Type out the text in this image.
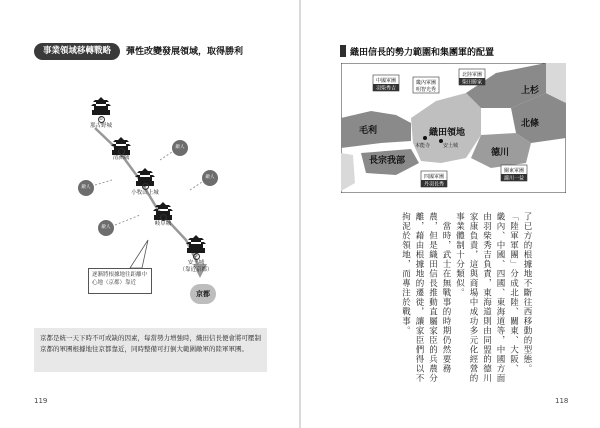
事業領域移轉戰略	彈性改變發展領域，取得勝利
①
那古野城
②
清洲城
③
小牧山上城
④
岐阜城
⑤
安土城
（靠近京都）
敵人
敵人
敵人
敵人
逐漸將根據地往距離中心地（京都）靠近
京都
京都是統一天下時不可或缺的因素，每當勢力增強時，織田信長便會將可壓制京都的軍團根據地往京都靠近，同時整備可打倒大範圍敵軍的陸軍軍團。
119
織田信長的勢力範圍和集團軍的配置
毛利
長宗我部
織田領地
上杉
北條
德川
本能寺	安土城
中國軍團
羽柴秀吉
畿內軍團
明智光秀
北陸軍團
柴田勝家
關東軍團
瀧川一益
四國軍團
丹羽長秀

了已方的根據地不斷往西移動的型態。

「陸軍軍團」分成北陸、關東、大阪、

畿內、中國、四國、東海道等，中國方面

由羽柴秀吉負責，東海道則由同盟的德川

家康負責，這與商場中成功多元化經營的

事業體制十分類似。

　當時，武士在無戰事的時期仍然要務

農，但是織田信長推動直屬家臣的兵農分

離，藉由根據地的遷徙，讓家臣們得以不

拘泥於領地，而專注於戰事。

118
